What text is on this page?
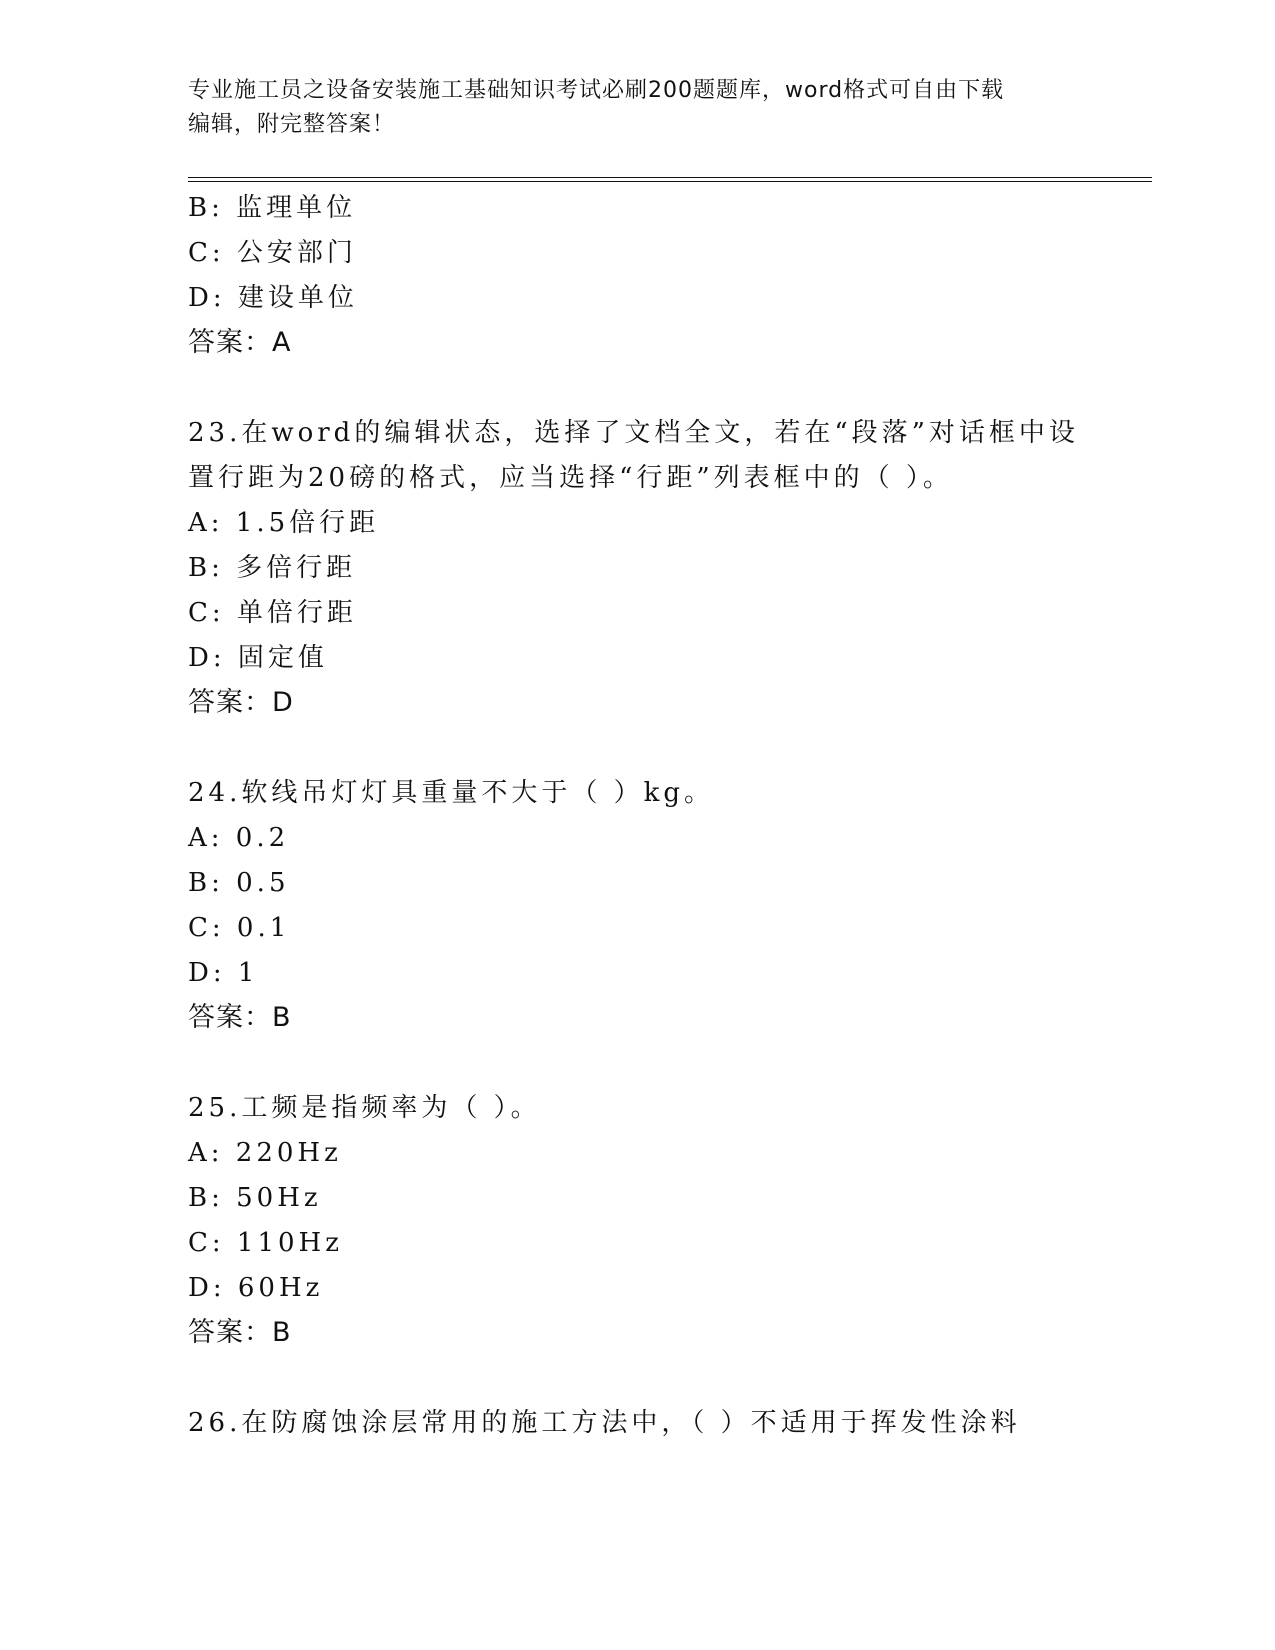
专业施工员之设备安装施工基础知识考试必刷200题题库，word格式可自由下载
编辑，附完整答案！
B: 监理单位
C: 公安部门
D: 建设单位
答案：A
23.在word的编辑状态，选择了文档全文，若在“段落”对话框中设
置行距为20磅的格式，应当选择“行距”列表框中的（ ）。
A: 1.5倍行距
B: 多倍行距
C: 单倍行距
D: 固定值
答案：D
24.软线吊灯灯具重量不大于（ ）kg。
A: 0.2
B: 0.5
C: 0.1
D: 1
答案：B
25.工频是指频率为（ ）。
A: 220Hz
B: 50Hz
C: 110Hz
D: 60Hz
答案：B
26.在防腐蚀涂层常用的施工方法中，（ ）不适用于挥发性涂料
